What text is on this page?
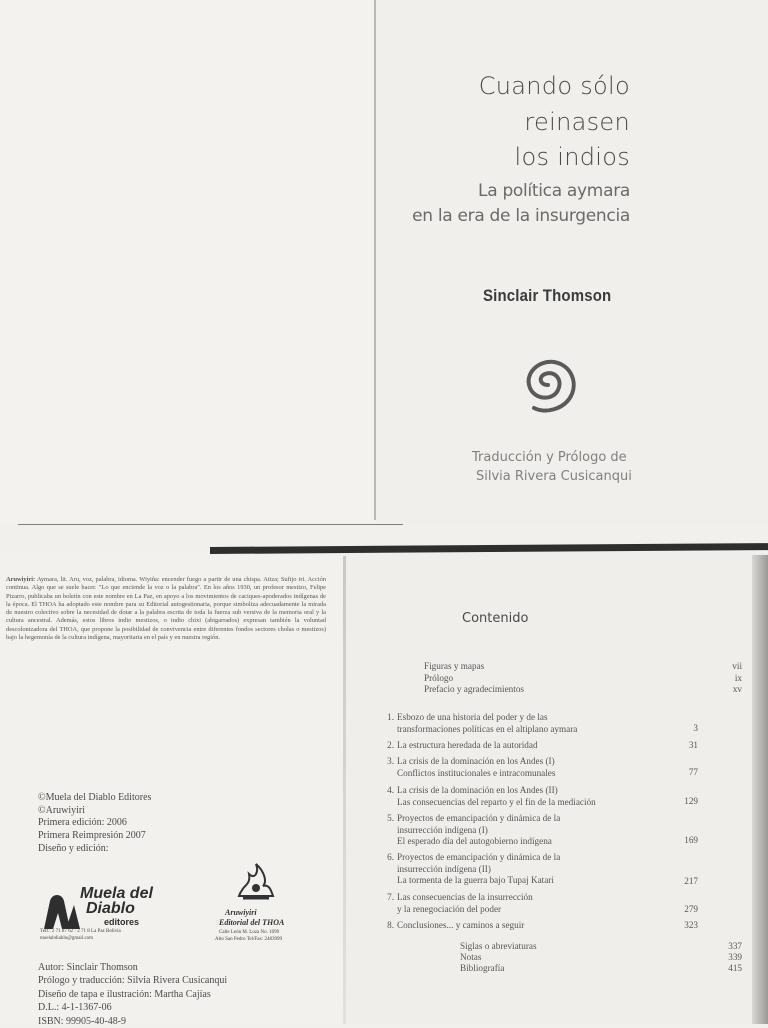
Cuando sólo
reinasen
los indios
La política aymara
en la era de la insurgencia
Traducción y Prólogo de
Silvia Rivera Cusicanqui
Sinclair Thomson
Aruwiyiri: Aymara, lit. Aru, voz, palabra, idioma. Wiyiña: encender fuego a partir de una chispa. Atiza; Sufijo iri. Acción continua. Algo que se suele hacer. "Lo que enciende la voz o la palabra". En los años 1930, un profesor mestizo, Felipe Pizarro, publicaba un boletín con este nombre en La Paz, en apoyo a los movimientos de caciques-apoderados indígenas de la época. El THOA ha adoptado este nombre para su Editorial autogestionaria, porque simboliza adecuadamente la mirada de nuestro colectivo sobre la necesidad de dotar a la palabra escrita de toda la fuerza sub versiva de la memoria oral y la cultura ancestral. Además, estos libros indio mestizos, o indio chixi (abigarrados) expresan también la voluntad descolonizadora del THOA, que propone la posibilidad de convivencia entre diferentes fondos sectores cholas o mestizos) bajo la hegemonía de la cultura indígena, mayoritaria en el país y en nuestra región.
©Muela del Diablo Editores
©Aruwiyiri
Primera edición: 2006
Primera Reimpresión 2007
Diseño y edición:
Muela del
Diablo
editores
Telf.: 2 71 87 62 · 2 71 8 La Paz Bolivia
muelabdiablo@gmail.com
Aruwiyiri
Editorial del THOA
Calle León M. Loza No. 1099
Alto San Pedro Tel/Fax: 2483999
Autor: Sinclair Thomson
Prólogo y traducción: Silvia Rivera Cusicanqui
Diseño de tapa e ilustración: Martha Cajías
D.L.: 4-1-1367-06
ISBN: 99905-40-48-9
Contenido
Figuras y mapas	vii
Prólogo	ix
Prefacio y agradecimientos	xv
1. Esbozo de una historia del poder y de las
transformaciones políticas en el altiplano aymara	3
2. La estructura heredada de la autoridad	31
3. La crisis de la dominación en los Andes (I)
Conflictos institucionales e intracomunales	77
4. La crisis de la dominación en los Andes (II)
Las consecuencias del reparto y el fin de la mediación	129
5. Proyectos de emancipación y dinámica de la
insurrección indígena (I)
El esperado día del autogobierno indígena	169
6. Proyectos de emancipación y dinámica de la
insurrección indígena (II)
La tormenta de la guerra bajo Tupaj Katari	217
7. Las consecuencias de la insurrección
y la renegociación del poder	279
8. Conclusiones... y caminos a seguir	323
Siglas o abreviaturas	337
Notas	339
Bibliografía	415
